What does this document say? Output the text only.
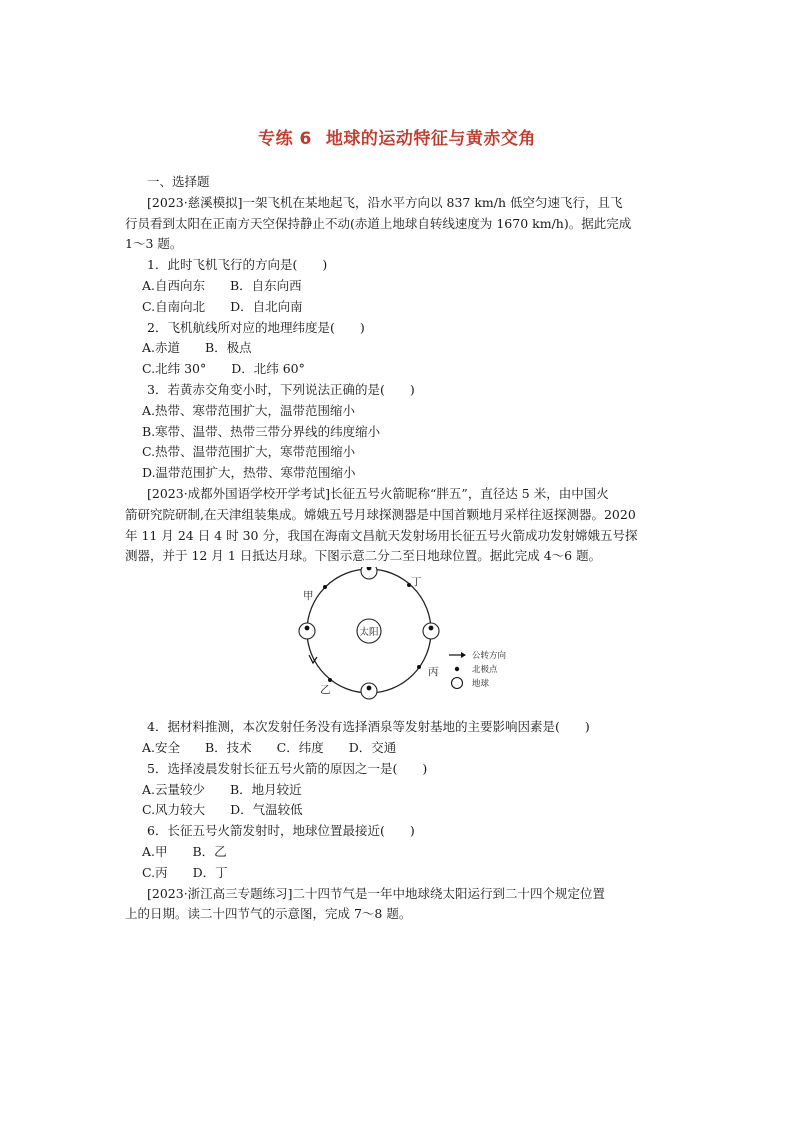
专练 6 地球的运动特征与黄赤交角
一、选择题
[2023·慈溪模拟]一架飞机在某地起飞，沿水平方向以 837 km/h 低空匀速飞行，且飞
行员看到太阳在正南方天空保持静止不动(赤道上地球自转线速度为 1670 km/h)。据此完成
1～3 题。
1．此时飞机飞行的方向是(　　)
A.自西向东　　B．自东向西
C.自南向北　　D．自北向南
2．飞机航线所对应的地理纬度是(　　)
A.赤道　　B．极点
C.北纬 30°　　D．北纬 60°
3．若黄赤交角变小时，下列说法正确的是(　　)
A.热带、寒带范围扩大，温带范围缩小
B.寒带、温带、热带三带分界线的纬度缩小
C.热带、温带范围扩大，寒带范围缩小
D.温带范围扩大，热带、寒带范围缩小
[2023·成都外国语学校开学考试]长征五号火箭昵称“胖五”，直径达 5 米，由中国火
箭研究院研制,在天津组装集成。嫦娥五号月球探测器是中国首颗地月采样往返探测器。2020
年 11 月 24 日 4 时 30 分，我国在海南文昌航天发射场用长征五号火箭成功发射嫦娥五号探
测器，并于 12 月 1 日抵达月球。下图示意二分二至日地球位置。据此完成 4～6 题。
太阳
甲
丁
丙
乙
公转方向
北极点
地球
4．据材料推测，本次发射任务没有选择酒泉等发射基地的主要影响因素是(　　)
A.安全　　B．技术　　C．纬度　　D．交通
5．选择凌晨发射长征五号火箭的原因之一是(　　)
A.云量较少　　B．地月较近
C.风力较大　　D．气温较低
6．长征五号火箭发射时，地球位置最接近(　　)
A.甲　　B．乙
C.丙　　D．丁
[2023·浙江高三专题练习]二十四节气是一年中地球绕太阳运行到二十四个规定位置
上的日期。读二十四节气的示意图，完成 7～8 题。
